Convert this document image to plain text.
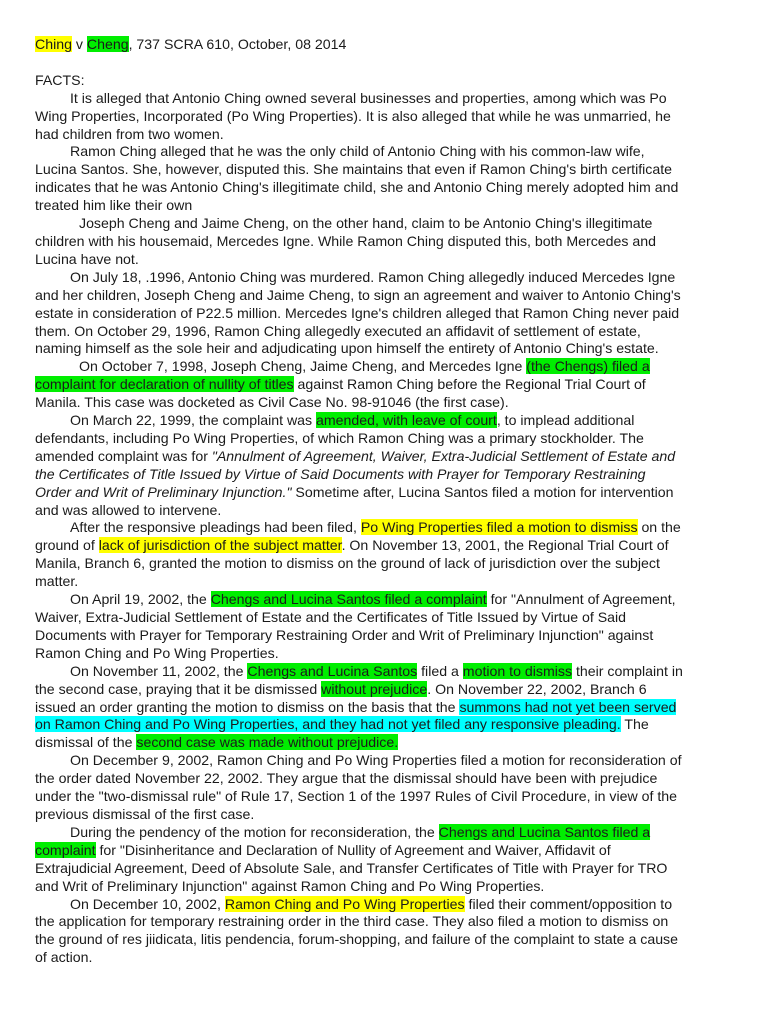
Ching v Cheng, 737 SCRA 610, October, 08 2014
FACTS:
It is alleged that Antonio Ching owned several businesses and properties, among which was Po
Wing Properties, Incorporated (Po Wing Properties). It is also alleged that while he was unmarried, he
had children from two women.
Ramon Ching alleged that he was the only child of Antonio Ching with his common-law wife,
Lucina Santos. She, however, disputed this. She maintains that even if Ramon Ching's birth certificate
indicates that he was Antonio Ching's illegitimate child, she and Antonio Ching merely adopted him and
treated him like their own
Joseph Cheng and Jaime Cheng, on the other hand, claim to be Antonio Ching's illegitimate
children with his housemaid, Mercedes Igne. While Ramon Ching disputed this, both Mercedes and
Lucina have not.
On July 18, .1996, Antonio Ching was murdered. Ramon Ching allegedly induced Mercedes Igne
and her children, Joseph Cheng and Jaime Cheng, to sign an agreement and waiver to Antonio Ching's
estate in consideration of P22.5 million. Mercedes Igne's children alleged that Ramon Ching never paid
them. On October 29, 1996, Ramon Ching allegedly executed an affidavit of settlement of estate,
naming himself as the sole heir and adjudicating upon himself the entirety of Antonio Ching's estate.
On October 7, 1998, Joseph Cheng, Jaime Cheng, and Mercedes Igne (the Chengs) filed a
complaint for declaration of nullity of titles against Ramon Ching before the Regional Trial Court of
Manila. This case was docketed as Civil Case No. 98-91046 (the first case).
On March 22, 1999, the complaint was amended, with leave of court, to implead additional
defendants, including Po Wing Properties, of which Ramon Ching was a primary stockholder. The
amended complaint was for "Annulment of Agreement, Waiver, Extra-Judicial Settlement of Estate and
the Certificates of Title Issued by Virtue of Said Documents with Prayer for Temporary Restraining
Order and Writ of Preliminary Injunction." Sometime after, Lucina Santos filed a motion for intervention
and was allowed to intervene.
After the responsive pleadings had been filed, Po Wing Properties filed a motion to dismiss on the
ground of lack of jurisdiction of the subject matter. On November 13, 2001, the Regional Trial Court of
Manila, Branch 6, granted the motion to dismiss on the ground of lack of jurisdiction over the subject
matter.
On April 19, 2002, the Chengs and Lucina Santos filed a complaint for "Annulment of Agreement,
Waiver, Extra-Judicial Settlement of Estate and the Certificates of Title Issued by Virtue of Said
Documents with Prayer for Temporary Restraining Order and Writ of Preliminary Injunction" against
Ramon Ching and Po Wing Properties.
On November 11, 2002, the Chengs and Lucina Santos filed a motion to dismiss their complaint in
the second case, praying that it be dismissed without prejudice. On November 22, 2002, Branch 6
issued an order granting the motion to dismiss on the basis that the summons had not yet been served
on Ramon Ching and Po Wing Properties, and they had not yet filed any responsive pleading. The
dismissal of the second case was made without prejudice.
On December 9, 2002, Ramon Ching and Po Wing Properties filed a motion for reconsideration of
the order dated November 22, 2002. They argue that the dismissal should have been with prejudice
under the "two-dismissal rule" of Rule 17, Section 1 of the 1997 Rules of Civil Procedure, in view of the
previous dismissal of the first case.
During the pendency of the motion for reconsideration, the Chengs and Lucina Santos filed a
complaint for "Disinheritance and Declaration of Nullity of Agreement and Waiver, Affidavit of
Extrajudicial Agreement, Deed of Absolute Sale, and Transfer Certificates of Title with Prayer for TRO
and Writ of Preliminary Injunction" against Ramon Ching and Po Wing Properties.
On December 10, 2002, Ramon Ching and Po Wing Properties filed their comment/opposition to
the application for temporary restraining order in the third case. They also filed a motion to dismiss on
the ground of res jiidicata, litis pendencia, forum-shopping, and failure of the complaint to state a cause
of action.
